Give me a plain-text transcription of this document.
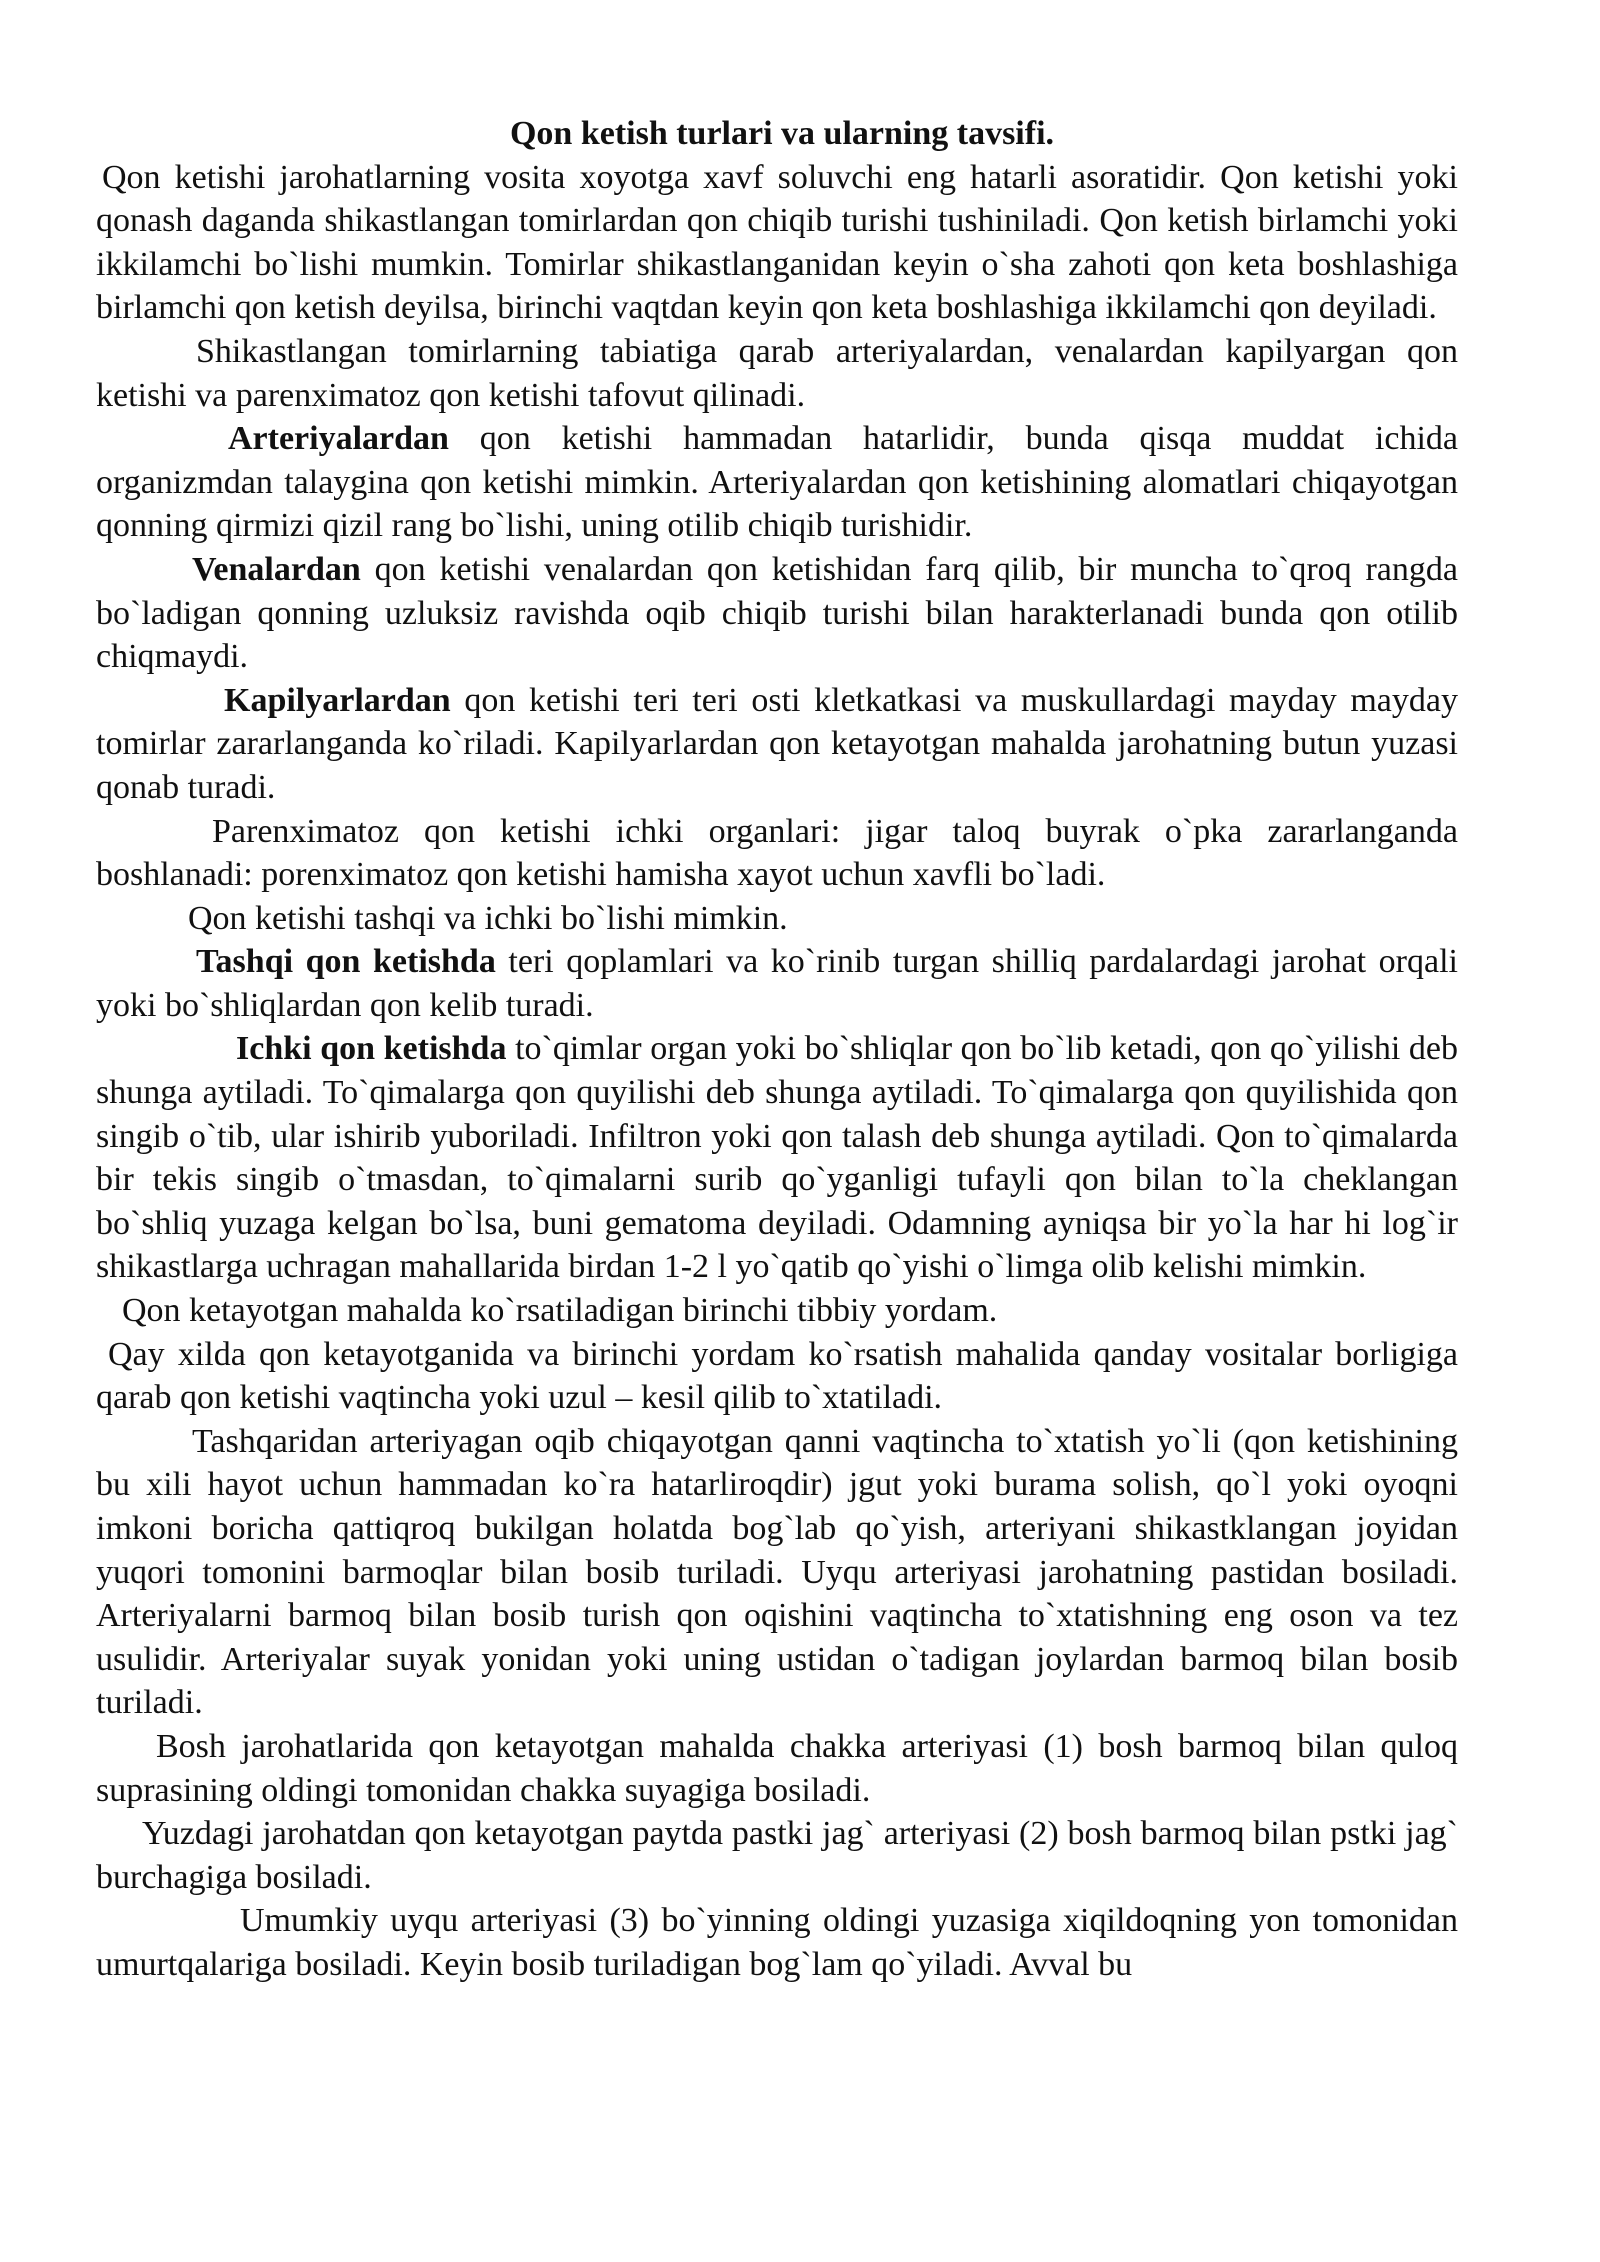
Qon ketish turlari va ularning tavsifi.

Qon ketishi jarohatlarning vosita xoyotga xavf soluvchi eng hatarli asoratidir. Qon ketishi yoki qonash daganda shikastlangan tomirlardan qon chiqib turishi tushiniladi. Qon ketish birlamchi yoki ikkilamchi bo`lishi mumkin. Tomirlar shikastlanganidan keyin o`sha zahoti qon keta boshlashiga birlamchi qon ketish deyilsa, birinchi vaqtdan keyin qon keta boshlashiga ikkilamchi qon deyiladi.

Shikastlangan tomirlarning tabiatiga qarab arteriyalardan, venalardan kapilyargan qon ketishi va parenximatoz qon ketishi tafovut qilinadi.

Arteriyalardan qon ketishi hammadan hatarlidir, bunda qisqa muddat ichida organizmdan talaygina qon ketishi mimkin. Arteriyalardan qon ketishining alomatlari chiqayotgan qonning qirmizi qizil rang bo`lishi, uning otilib chiqib turishidir.

Venalardan qon ketishi venalardan qon ketishidan farq qilib, bir muncha to`qroq rangda bo`ladigan qonning uzluksiz ravishda oqib chiqib turishi bilan harakterlanadi bunda qon otilib chiqmaydi.

Kapilyarlardan qon ketishi teri teri osti kletkatkasi va muskullardagi mayday mayday tomirlar zararlanganda ko`riladi. Kapilyarlardan qon ketayotgan mahalda jarohatning butun yuzasi qonab turadi.

Parenximatoz qon ketishi ichki organlari: jigar taloq buyrak o`pka zararlanganda boshlanadi: porenximatoz qon ketishi hamisha xayot uchun xavfli bo`ladi.

Qon ketishi tashqi va ichki bo`lishi mimkin.

Tashqi qon ketishda teri qoplamlari va ko`rinib turgan shilliq pardalardagi jarohat orqali yoki bo`shliqlardan qon kelib turadi.

Ichki qon ketishda to`qimlar organ yoki bo`shliqlar qon bo`lib ketadi, qon qo`yilishi deb shunga aytiladi. To`qimalarga qon quyilishi deb shunga aytiladi. To`qimalarga qon quyilishida qon singib o`tib, ular ishirib yuboriladi. Infiltron yoki qon talash deb shunga aytiladi. Qon to`qimalarda bir tekis singib o`tmasdan, to`qimalarni surib qo`yganligi tufayli qon bilan to`la cheklangan bo`shliq yuzaga kelgan bo`lsa, buni gematoma deyiladi. Odamning ayniqsa bir yo`la har hi log`ir shikastlarga uchragan mahallarida birdan 1-2 l yo`qatib qo`yishi o`limga olib kelishi mimkin.

Qon ketayotgan mahalda ko`rsatiladigan birinchi tibbiy yordam.

Qay xilda qon ketayotganida va birinchi yordam ko`rsatish mahalida qanday vositalar borligiga qarab qon ketishi vaqtincha yoki uzul – kesil qilib to`xtatiladi.

Tashqaridan arteriyagan oqib chiqayotgan qanni vaqtincha to`xtatish yo`li (qon ketishining bu xili hayot uchun hammadan ko`ra hatarliroqdir) jgut yoki burama solish, qo`l yoki oyoqni imkoni boricha qattiqroq bukilgan holatda bog`lab qo`yish, arteriyani shikastklangan joyidan yuqori tomonini barmoqlar bilan bosib turiladi. Uyqu arteriyasi jarohatning pastidan bosiladi. Arteriyalarni barmoq bilan bosib turish qon oqishini vaqtincha to`xtatishning eng oson va tez usulidir. Arteriyalar suyak yonidan yoki uning ustidan o`tadigan joylardan barmoq bilan bosib turiladi.

Bosh jarohatlarida qon ketayotgan mahalda chakka arteriyasi (1) bosh barmoq bilan quloq suprasining oldingi tomonidan chakka suyagiga bosiladi.

Yuzdagi jarohatdan qon ketayotgan paytda pastki jag` arteriyasi (2) bosh barmoq bilan pstki jag` burchagiga bosiladi.

Umumkiy uyqu arteriyasi (3) bo`yinning oldingi yuzasiga xiqildoqning yon tomonidan umurtqalariga bosiladi. Keyin bosib turiladigan bog`lam qo`yiladi. Avval bu
